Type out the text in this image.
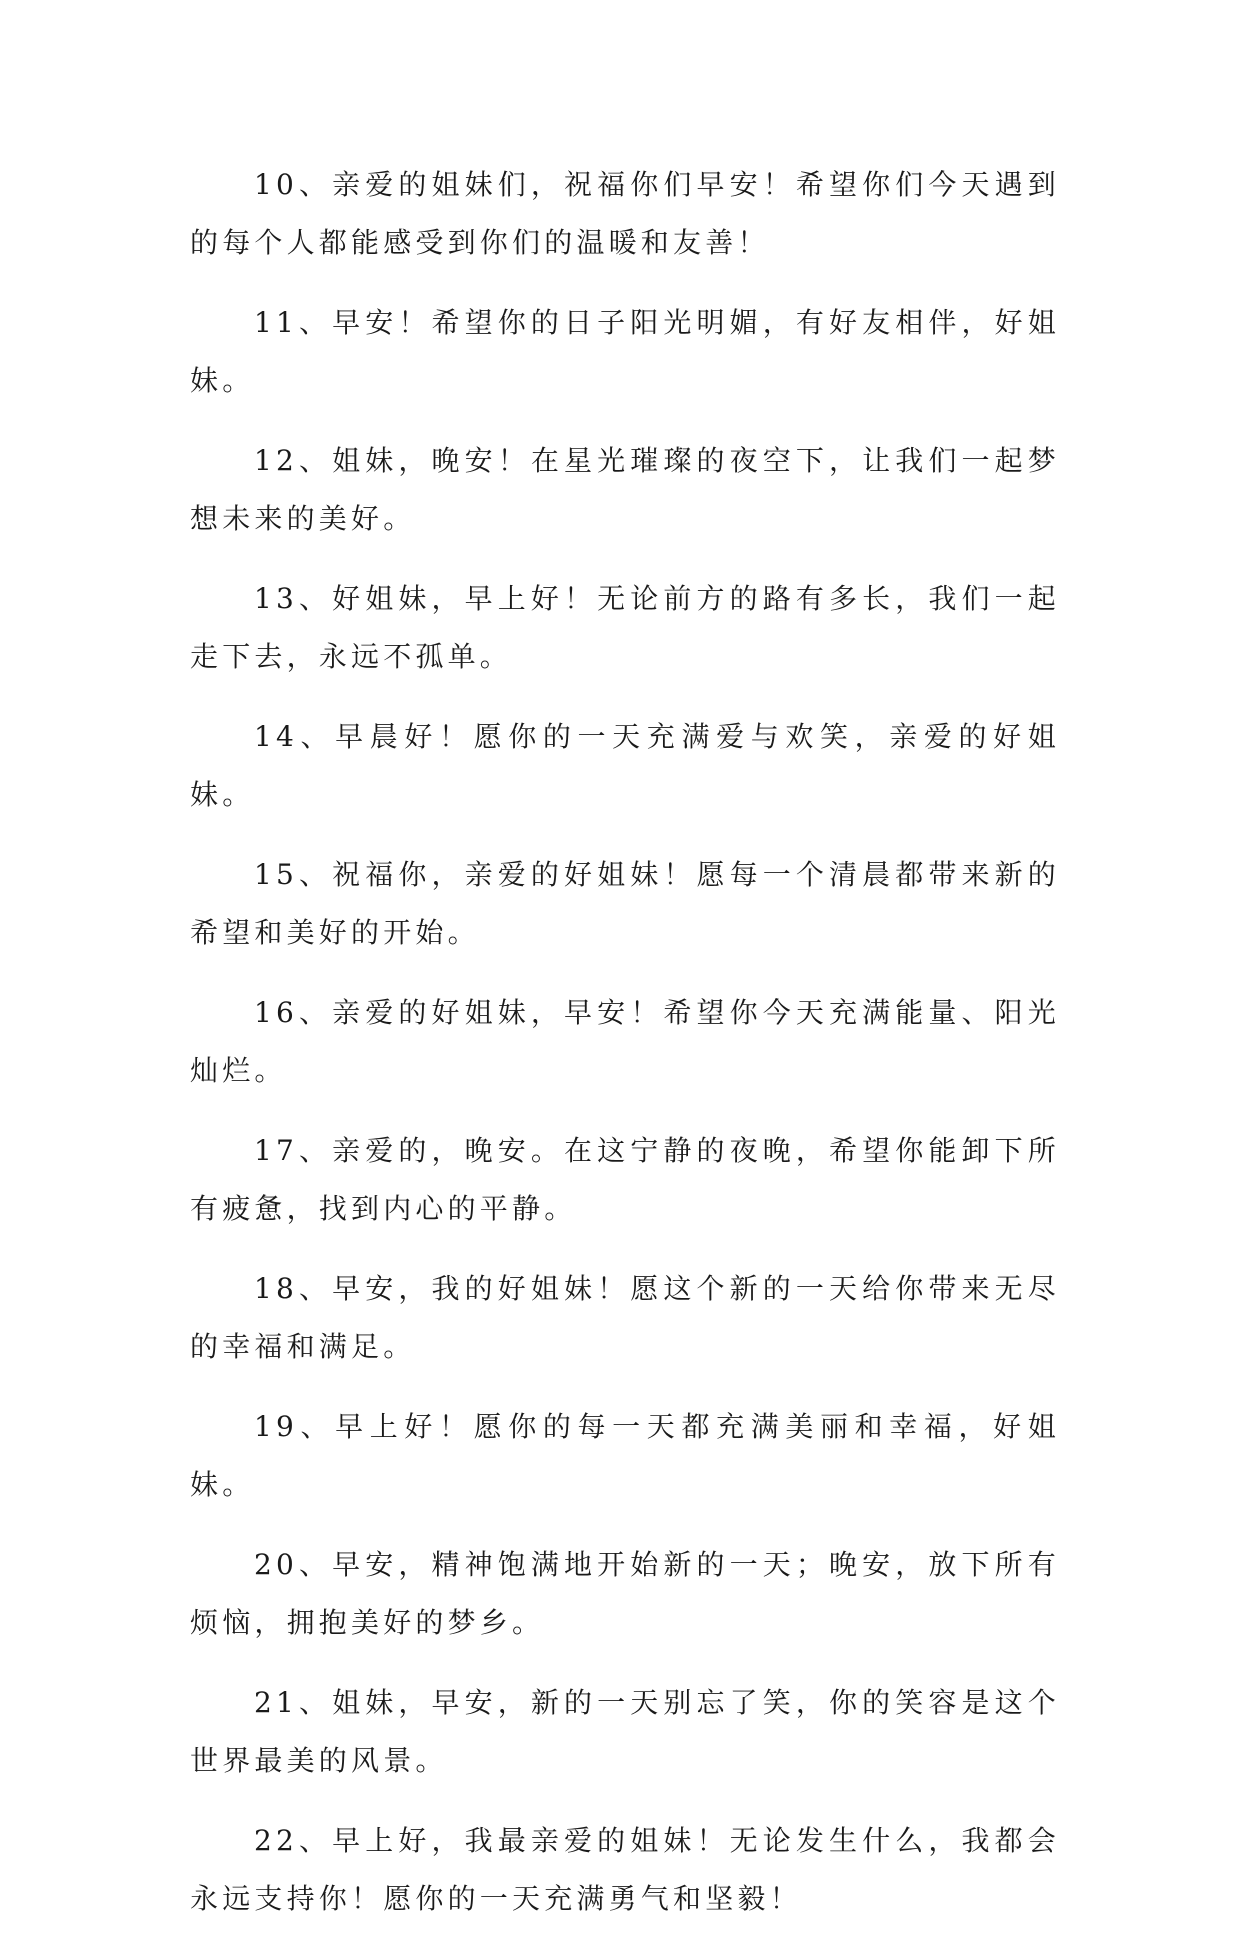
10、亲爱的姐妹们，祝福你们早安！希望你们今天遇到的每个人都能感受到你们的温暖和友善！

11、早安！希望你的日子阳光明媚，有好友相伴，好姐妹。

12、姐妹，晚安！在星光璀璨的夜空下，让我们一起梦想未来的美好。

13、好姐妹，早上好！无论前方的路有多长，我们一起走下去，永远不孤单。

14、早晨好！愿你的一天充满爱与欢笑，亲爱的好姐妹。

15、祝福你，亲爱的好姐妹！愿每一个清晨都带来新的希望和美好的开始。

16、亲爱的好姐妹，早安！希望你今天充满能量、阳光灿烂。

17、亲爱的，晚安。在这宁静的夜晚，希望你能卸下所有疲惫，找到内心的平静。

18、早安，我的好姐妹！愿这个新的一天给你带来无尽的幸福和满足。

19、早上好！愿你的每一天都充满美丽和幸福，好姐妹。

20、早安，精神饱满地开始新的一天；晚安，放下所有烦恼，拥抱美好的梦乡。

21、姐妹，早安，新的一天别忘了笑，你的笑容是这个世界最美的风景。

22、早上好，我最亲爱的姐妹！无论发生什么，我都会永远支持你！愿你的一天充满勇气和坚毅！
